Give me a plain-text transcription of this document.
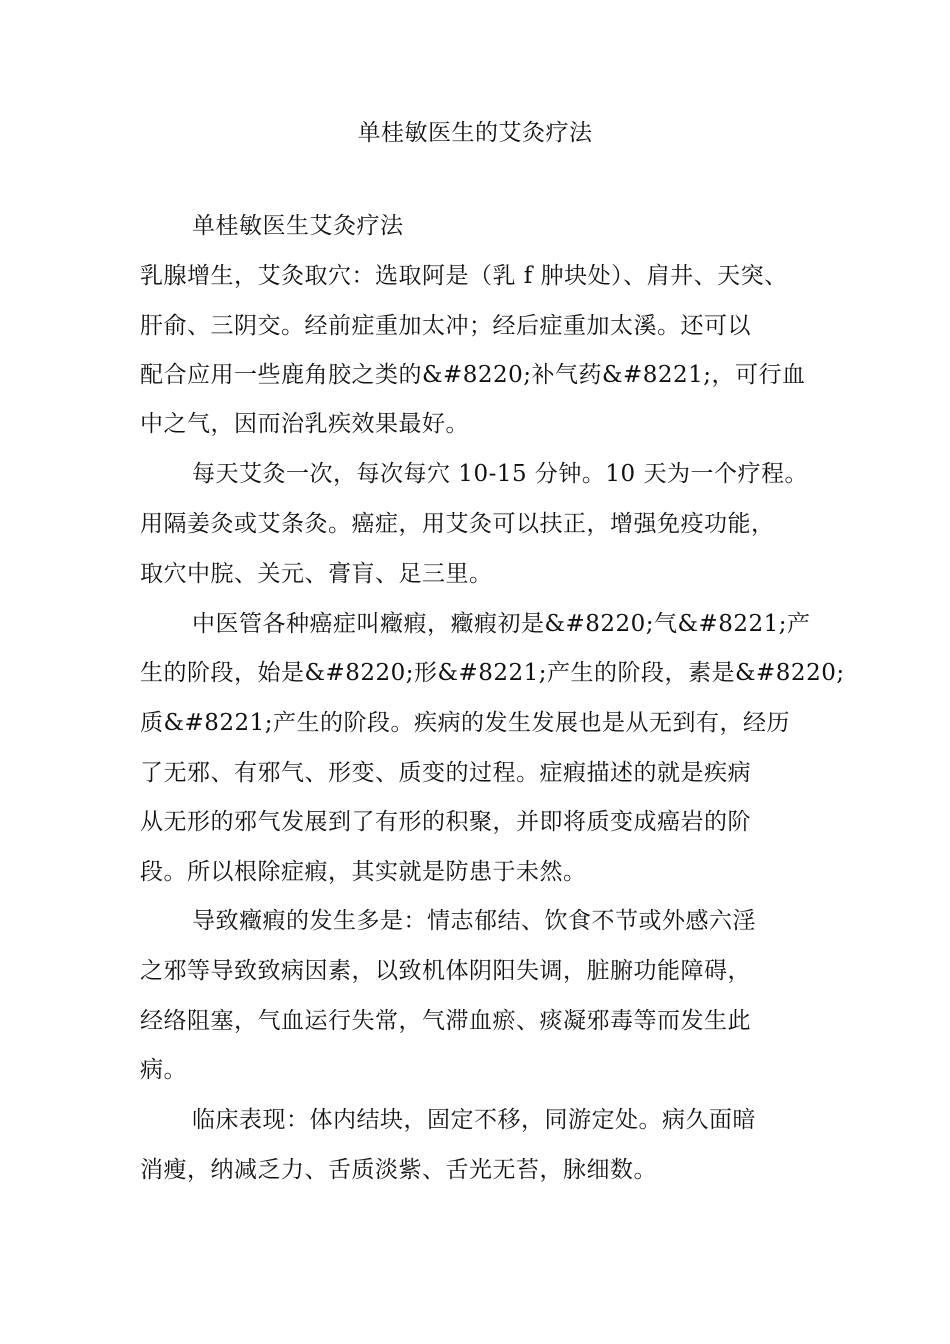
单桂敏医生的艾灸疗法
单桂敏医生艾灸疗法
乳腺增生，艾灸取穴：选取阿是（乳 f 肿块处）、肩井、天突、
肝俞、三阴交。经前症重加太冲；经后症重加太溪。还可以
配合应用一些鹿角胶之类的&#8220;补气药&#8221;，可行血
中之气，因而治乳疾效果最好。
每天艾灸一次，每次每穴 10-15 分钟。10 天为一个疗程。
用隔姜灸或艾条灸。癌症，用艾灸可以扶正，增强免疫功能，
取穴中脘、关元、膏肓、足三里。
中医管各种癌症叫癥瘕，癥瘕初是&#8220;气&#8221;产
生的阶段，始是&#8220;形&#8221;产生的阶段，素是&#8220;
质&#8221;产生的阶段。疾病的发生发展也是从无到有，经历
了无邪、有邪气、形变、质变的过程。症瘕描述的就是疾病
从无形的邪气发展到了有形的积聚，并即将质变成癌岩的阶
段。所以根除症瘕，其实就是防患于未然。
导致癥瘕的发生多是：情志郁结、饮食不节或外感六淫
之邪等导致致病因素，以致机体阴阳失调，脏腑功能障碍，
经络阻塞，气血运行失常，气滞血瘀、痰凝邪毒等而发生此
病。
临床表现：体内结块，固定不移，同游定处。病久面暗
消瘦，纳减乏力、舌质淡紫、舌光无苔，脉细数。
